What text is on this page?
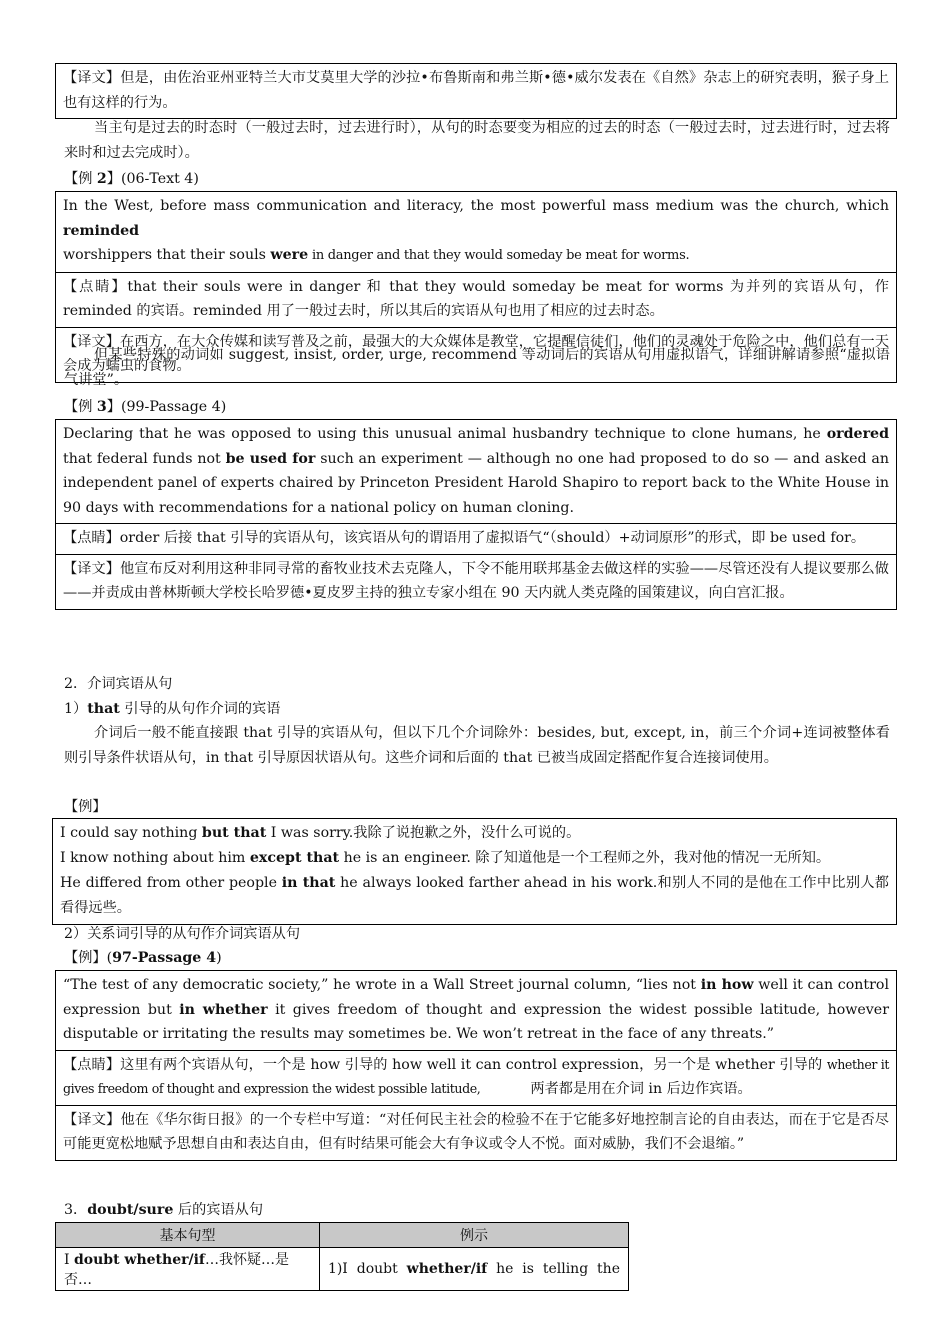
【译文】但是，由佐治亚州亚特兰大市艾莫里大学的沙拉•布鲁斯南和弗兰斯•德•威尔发表在《自然》杂志上的研究表明，猴子身上也有这样的行为。
当主句是过去的时态时（一般过去时，过去进行时），从句的时态要变为相应的过去的时态（一般过去时，过去进行时，过去将来时和过去完成时）。
【例 2】(06-Text 4)
In the West, before mass communication and literacy, the most powerful mass medium was the church, which reminded
worshippers that their souls were in danger and that they would someday be meat for worms.
【点睛】that their souls were in danger 和 that they would someday be meat for worms 为并列的宾语从句，作 reminded 的宾语。reminded 用了一般过去时，所以其后的宾语从句也用了相应的过去时态。
【译文】在西方，在大众传媒和读写普及之前，最强大的大众媒体是教堂，它提醒信徒们，他们的灵魂处于危险之中，他们总有一天会成为蠕虫的食物。
但某些特殊的动词如 suggest, insist, order, urge, recommend 等动词后的宾语从句用虚拟语气，详细讲解请参照“虚拟语气讲堂”。
【例 3】(99-Passage 4)
Declaring that he was opposed to using this unusual animal husbandry technique to clone humans, he ordered that federal funds not be used for such an experiment — although no one had proposed to do so — and asked an independent panel of experts chaired by Princeton President Harold Shapiro to report back to the White House in 90 days with recommendations for a national policy on human cloning.
【点睛】order 后接 that 引导的宾语从句，该宾语从句的谓语用了虚拟语气“（should）+动词原形”的形式，即 be used for。
【译文】他宣布反对利用这种非同寻常的畜牧业技术去克隆人，下令不能用联邦基金去做这样的实验——尽管还没有人提议要那么做——并责成由普林斯顿大学校长哈罗德•夏皮罗主持的独立专家小组在 90 天内就人类克隆的国策建议，向白宫汇报。
2．介词宾语从句
1）that 引导的从句作介词的宾语
介词后一般不能直接跟 that 引导的宾语从句，但以下几个介词除外：besides, but, except, in，前三个介词+连词被整体看则引导条件状语从句，in that 引导原因状语从句。这些介词和后面的 that 已被当成固定搭配作复合连接词使用。
【例】
I could say nothing but that I was sorry.我除了说抱歉之外，没什么可说的。
I know nothing about him except that he is an engineer. 除了知道他是一个工程师之外，我对他的情况一无所知。
He differed from other people in that he always looked farther ahead in his work.和别人不同的是他在工作中比别人都看得远些。
2）关系词引导的从句作介词宾语从句
【例】(97-Passage 4)
“The test of any democratic society,” he wrote in a Wall Street journal column, “lies not in how well it can control expression but in whether it gives freedom of thought and expression the widest possible latitude, however disputable or irritating the results may sometimes be. We won’t retreat in the face of any threats.”
【点睛】这里有两个宾语从句，一个是 how 引导的 how well it can control expression，另一个是 whether 引导的 whether it gives freedom of thought and expression the widest possible latitude,	两者都是用在介词 in 后边作宾语。
【译文】他在《华尔街日报》的一个专栏中写道：“对任何民主社会的检验不在于它能多好地控制言论的自由表达，而在于它是否尽可能更宽松地赋予思想自由和表达自由，但有时结果可能会大有争议或令人不悦。面对威胁，我们不会退缩。”
3．doubt/sure 后的宾语从句
基本句型	例示
I doubt whether/if…我怀疑…是否…	1)I  doubt  whether/if  he  is  telling  the
